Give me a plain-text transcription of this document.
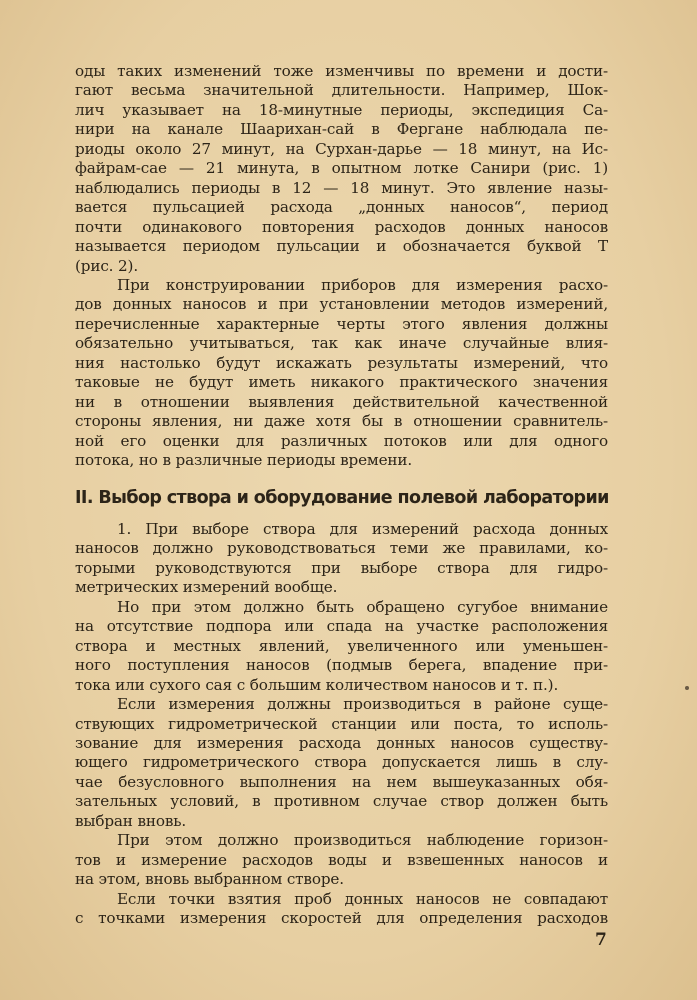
оды таких изменений тоже изменчивы по времени и дости-
гают весьма значительной длительности. Например, Шок-
лич указывает на 18-минутные периоды, экспедиция Са-
нири на канале Шаарихан-сай в Фергане наблюдала пе-
риоды около 27 минут, на Сурхан-дарье — 18 минут, на Ис-
файрам-сае — 21 минута, в опытном лотке Санири (рис. 1)
наблюдались периоды в 12 — 18 минут. Это явление назы-
вается пульсацией расхода „донных наносов“, период
почти одинакового повторения расходов донных наносов
называется периодом пульсации и обозначается буквой Т
(рис. 2).

При конструировании приборов для измерения расхо-
дов донных наносов и при установлении методов измерений,
перечисленные характерные черты этого явления должны
обязательно учитываться, так как иначе случайные влия-
ния настолько будут искажать результаты измерений, что
таковые не будут иметь никакого практического значения
ни в отношении выявления действительной качественной
стороны явления, ни даже хотя бы в отношении сравнитель-
ной его оценки для различных потоков или для одного
потока, но в различные периоды времени.

II. Выбор створа и оборудование полевой лаборатории

1. При выборе створа для измерений расхода донных
наносов должно руководствоваться теми же правилами, ко-
торыми руководствуются при выборе створа для гидро-
метрических измерений вообще.

Но при этом должно быть обращено сугубое внимание
на отсутствие подпора или спада на участке расположения
створа и местных явлений, увеличенного или уменьшен-
ного поступления наносов (подмыв берега, впадение при-
тока или сухого сая с большим количеством наносов и т. п.).

Если измерения должны производиться в районе суще-
ствующих гидрометрической станции или поста, то исполь-
зование для измерения расхода донных наносов существу-
ющего гидрометрического створа допускается лишь в слу-
чае безусловного выполнения на нем вышеуказанных обя-
зательных условий, в противном случае створ должен быть
выбран вновь.

При этом должно производиться наблюдение горизон-
тов и измерение расходов воды и взвешенных наносов и
на этом, вновь выбранном створе.

Если точки взятия проб донных наносов не совпадают
с точками измерения скоростей для определения расходов

7
